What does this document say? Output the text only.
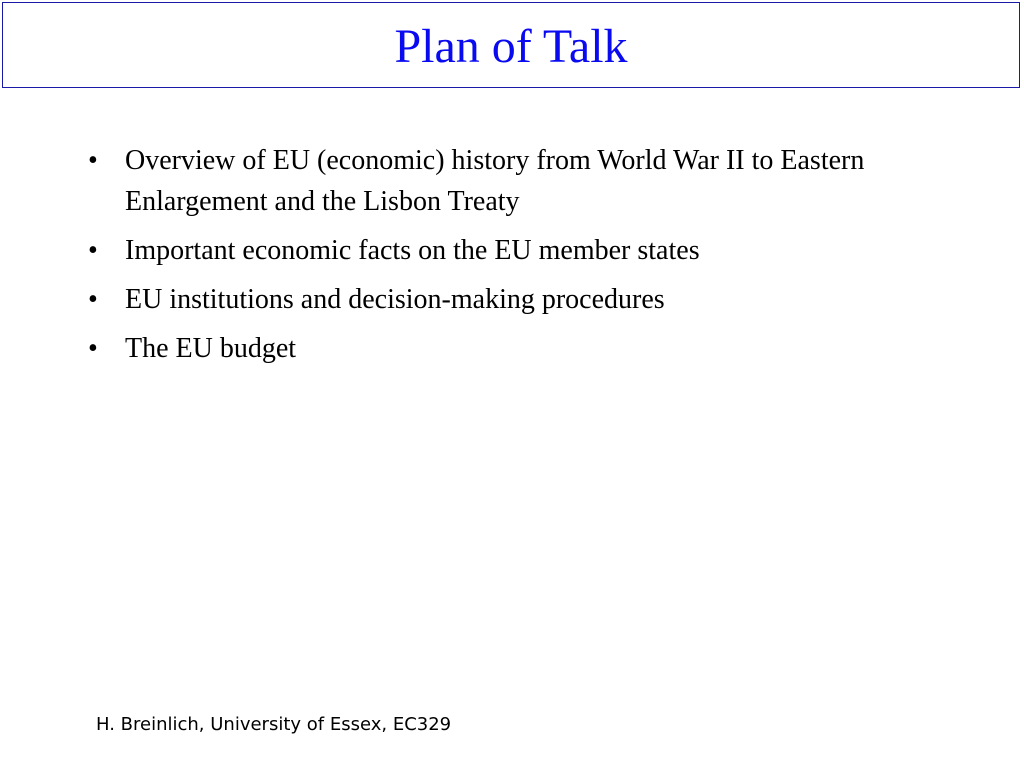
Plan of Talk
• Overview of EU (economic) history from World War II to Eastern Enlargement and the Lisbon Treaty
• Important economic facts on the EU member states
• EU institutions and decision-making procedures
• The EU budget

H. Breinlich, University of Essex, EC329
